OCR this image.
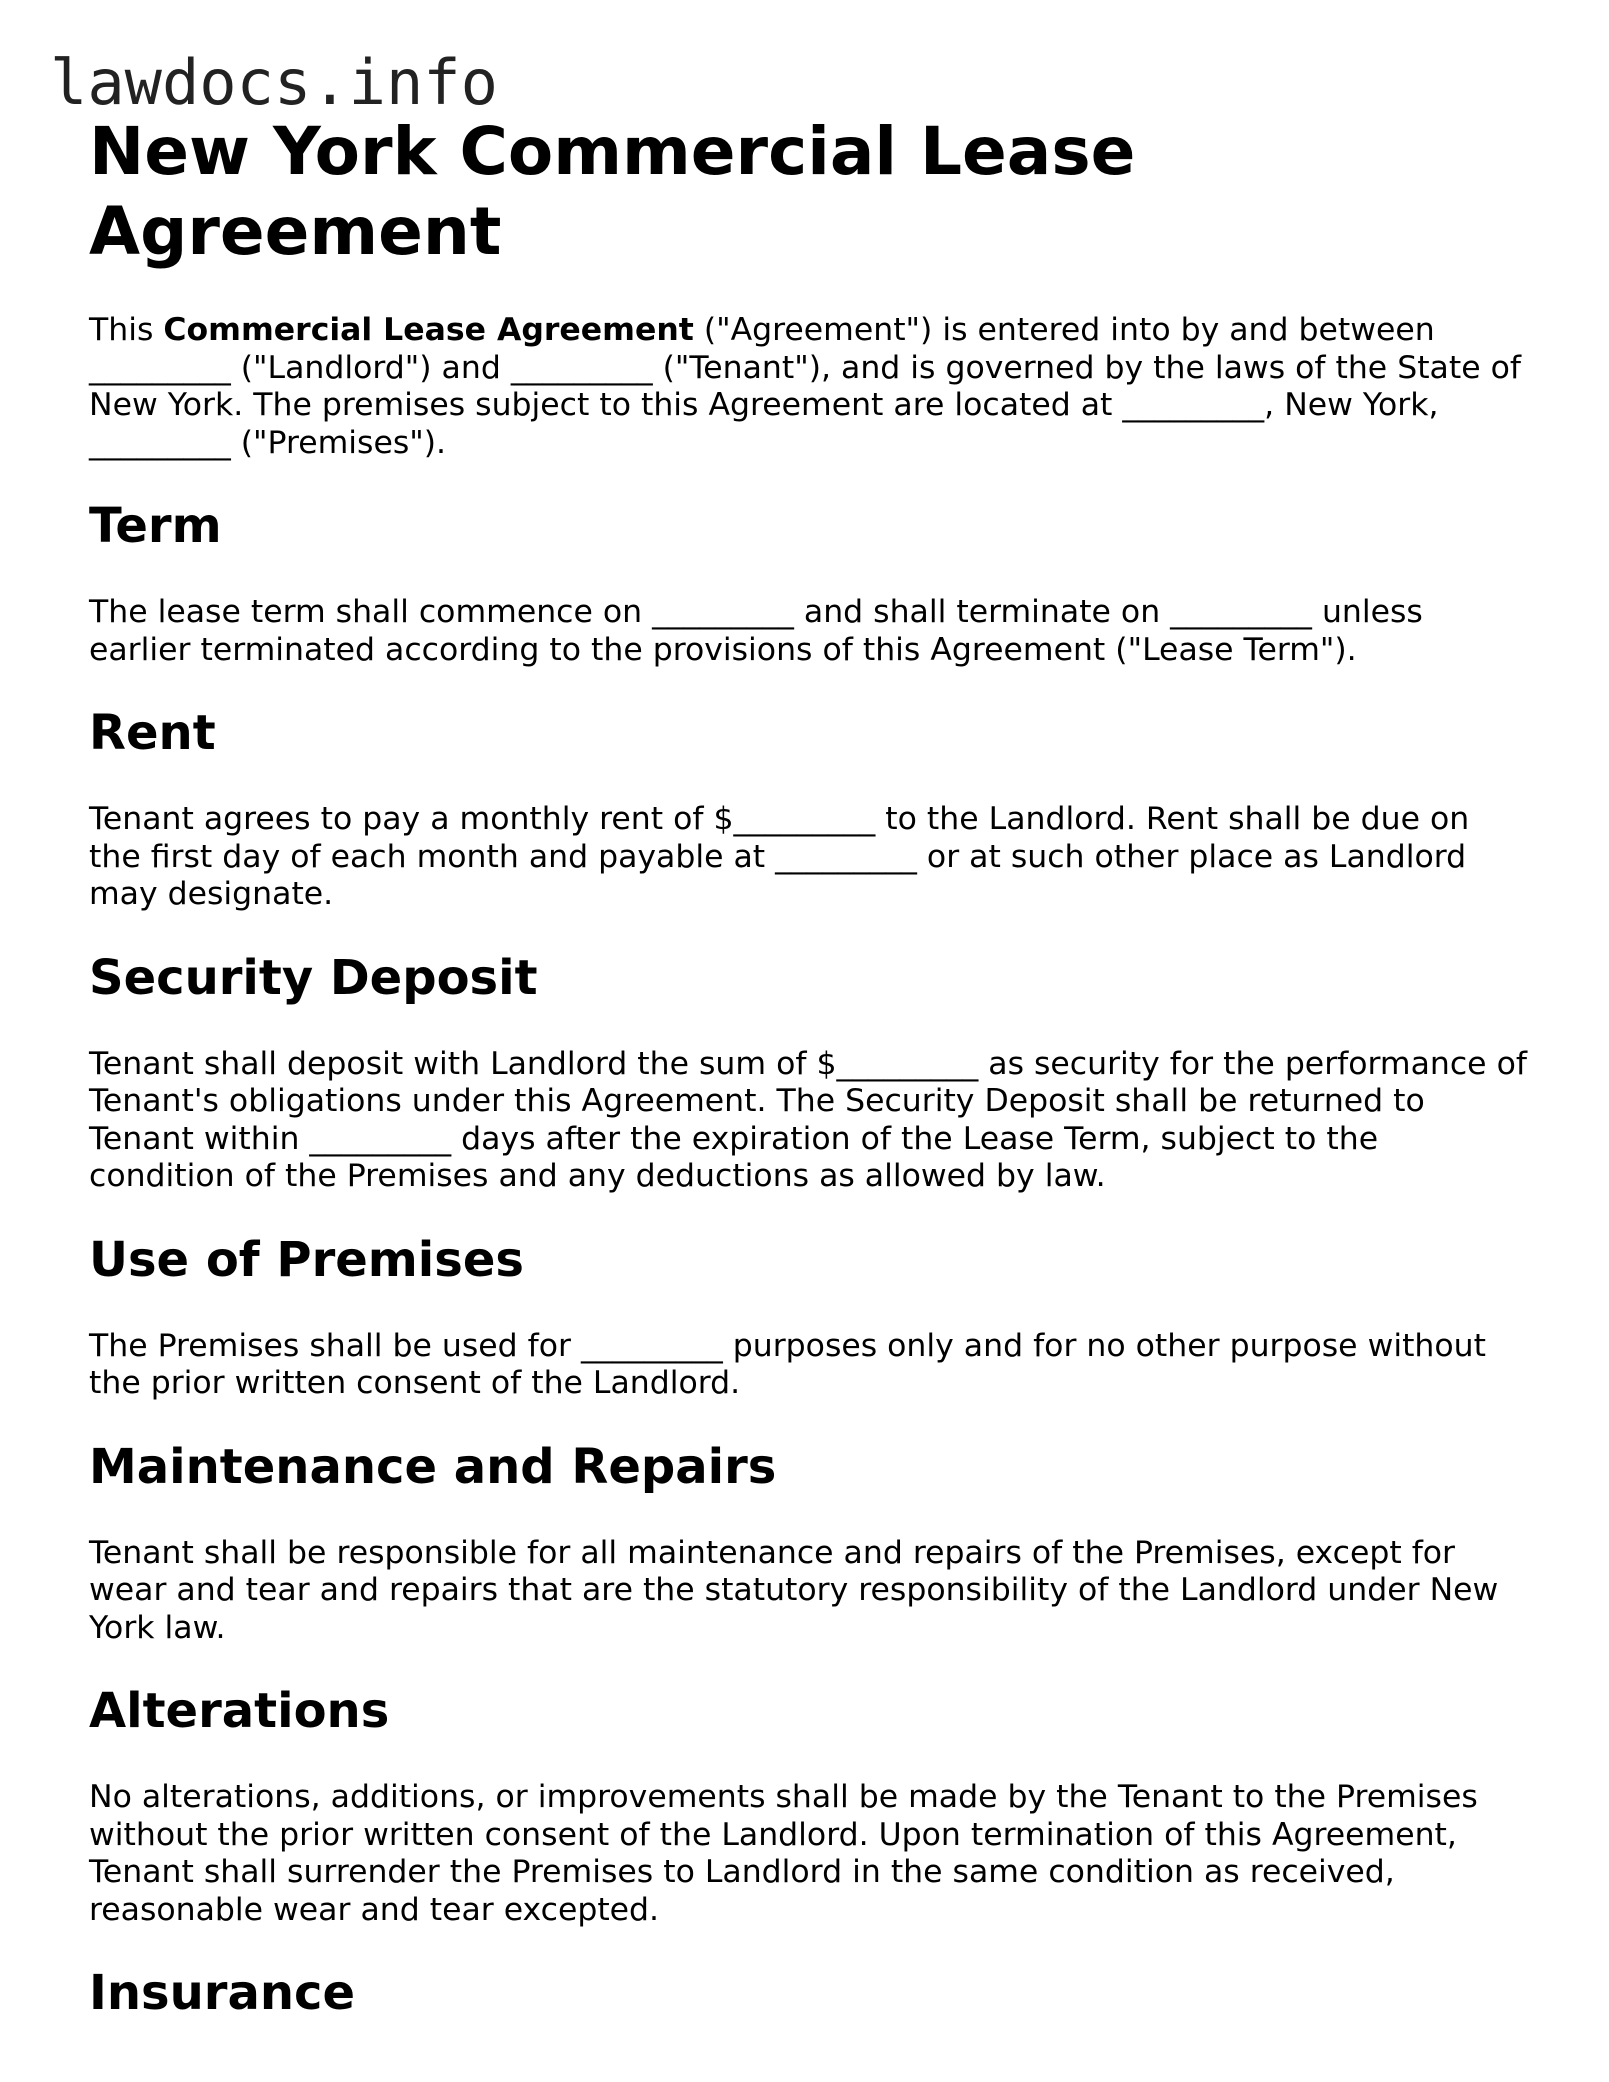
lawdocs.info
New York Commercial Lease Agreement

This Commercial Lease Agreement ("Agreement") is entered into by and between _________ ("Landlord") and _________ ("Tenant"), and is governed by the laws of the State of New York. The premises subject to this Agreement are located at _________, New York, _________ ("Premises").

Term

The lease term shall commence on _________ and shall terminate on _________ unless earlier terminated according to the provisions of this Agreement ("Lease Term").

Rent

Tenant agrees to pay a monthly rent of $_________ to the Landlord. Rent shall be due on the first day of each month and payable at _________ or at such other place as Landlord may designate.

Security Deposit

Tenant shall deposit with Landlord the sum of $_________ as security for the performance of Tenant's obligations under this Agreement. The Security Deposit shall be returned to Tenant within _________ days after the expiration of the Lease Term, subject to the condition of the Premises and any deductions as allowed by law.

Use of Premises

The Premises shall be used for _________ purposes only and for no other purpose without the prior written consent of the Landlord.

Maintenance and Repairs

Tenant shall be responsible for all maintenance and repairs of the Premises, except for wear and tear and repairs that are the statutory responsibility of the Landlord under New York law.

Alterations

No alterations, additions, or improvements shall be made by the Tenant to the Premises without the prior written consent of the Landlord. Upon termination of this Agreement, Tenant shall surrender the Premises to Landlord in the same condition as received, reasonable wear and tear excepted.

Insurance
